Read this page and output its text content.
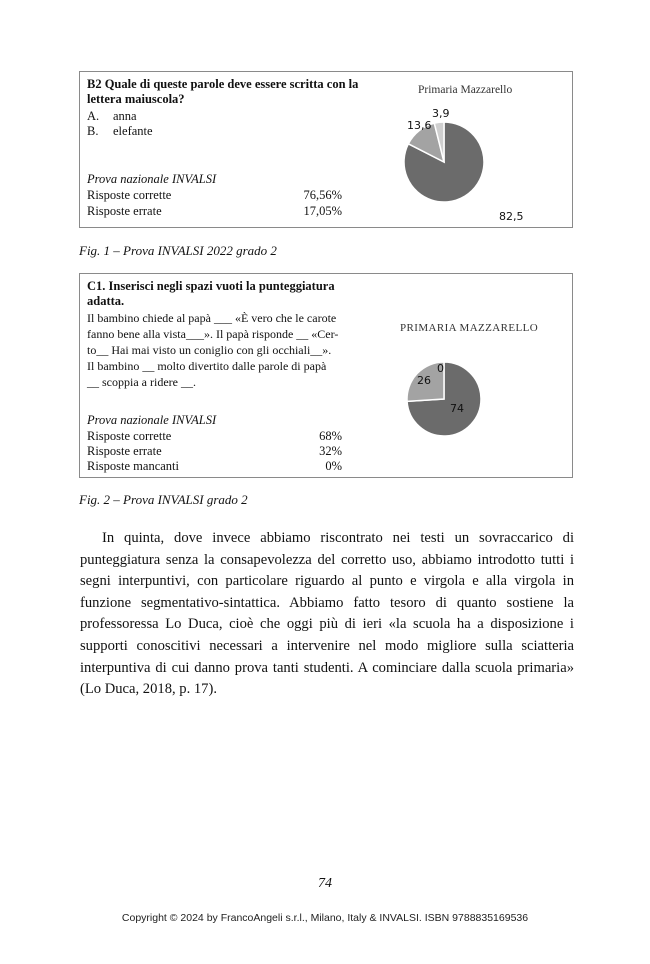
B2 Quale di queste parole deve essere scritta con la lettera maiuscola?
A. anna
B. elefante
Prova nazionale INVALSI
Risposte corrette	76,56%
Risposte errate	17,05%
Primaria Mazzarello
82,5
13,6
3,9
Fig. 1 – Prova INVALSI 2022 grado 2
C1. Inserisci negli spazi vuoti la punteggiatura adatta.
Il bambino chiede al papà ___ «È vero che le carote
fanno bene alla vista___». Il papà risponde __ «Cer-
to__ Hai mai visto un coniglio con gli occhiali__».
Il bambino __ molto divertito dalle parole di papà
__ scoppia a ridere __.
Prova nazionale INVALSI
Risposte corrette	68%
Risposte errate	32%
Risposte mancanti	0%
PRIMARIA MAZZARELLO
74
26
0
Fig. 2 – Prova INVALSI grado 2

In quinta, dove invece abbiamo riscontrato nei testi un sovraccarico di punteggiatura senza la consapevolezza del corretto uso, abbiamo introdotto tutti i segni interpuntivi, con particolare riguardo al punto e virgola e alla virgola in funzione segmentativo-sintattica. Abbiamo fatto tesoro di quanto sostiene la professoressa Lo Duca, cioè che oggi più di ieri «la scuola ha a disposizione i supporti conoscitivi necessari a intervenire nel modo migliore sulla sciatteria interpuntiva di cui danno prova tanti studenti. A cominciare dalla scuola primaria» (Lo Duca, 2018, p. 17).

74
Copyright © 2024 by FrancoAngeli s.r.l., Milano, Italy & INVALSI. ISBN 9788835169536
